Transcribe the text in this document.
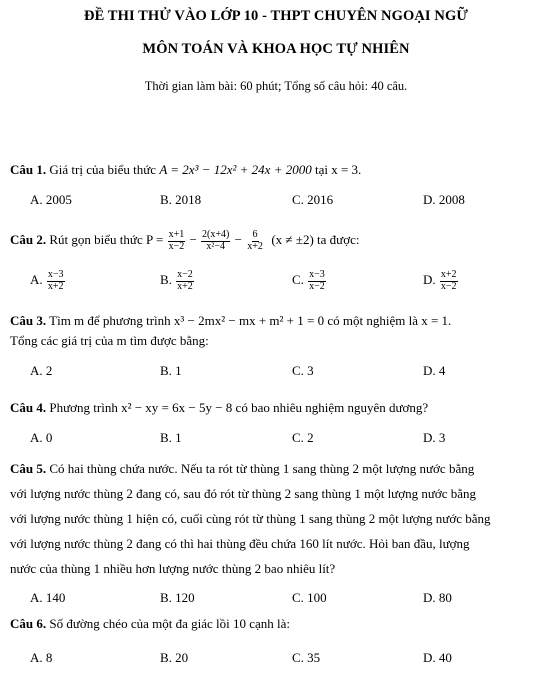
ĐỀ THI THỬ VÀO LỚP 10 - THPT CHUYÊN NGOẠI NGỮ
MÔN TOÁN VÀ KHOA HỌC TỰ NHIÊN
Thời gian làm bài: 60 phút; Tổng số câu hỏi: 40 câu.
Câu 1. Giá trị của biểu thức A = 2x³ − 12x² + 24x + 2000 tại x = 3.
A. 2005	B. 2018	C. 2016	D. 2008
Câu 2. Rút gọn biểu thức $P = \frac{x+1}{x-2} - \frac{2(x+4)}{\text{x²−4}} - \frac{6}{x+2} (x \ne \pm 2)$ ta được:
A. $\frac{x-3}{x+2}$	B. $\frac{x-2}{x+2}$	C. $\frac{x-3}{x-2}$	D. $\frac{x+2}{x-2}$
Câu 3. Tìm m để phương trình x³ − 2mx² − mx + m² + 1 = 0 có một nghiệm là x = 1.
Tổng các giá trị của m tìm được bằng:
A. 2	B. 1	C. 3	D. 4
Câu 4. Phương trình x² − xy = 6x − 5y − 8 có bao nhiêu nghiệm nguyên dương?
A. 0	B. 1	C. 2	D. 3
Câu 5. Có hai thùng chứa nước. Nếu ta rót từ thùng 1 sang thùng 2 một lượng nước bằng
với lượng nước thùng 2 đang có, sau đó rót từ thùng 2 sang thùng 1 một lượng nước bằng
với lượng nước thùng 1 hiện có, cuối cùng rót từ thùng 1 sang thùng 2 một lượng nước bằng
với lượng nước thùng 2 đang có thì hai thùng đều chứa 160 lít nước. Hỏi ban đầu, lượng
nước của thùng 1 nhiều hơn lượng nước thùng 2 bao nhiêu lít?
A. 140	B. 120	C. 100	D. 80
Câu 6. Số đường chéo của một đa giác lồi 10 cạnh là:
A. 8	B. 20	C. 35	D. 40
